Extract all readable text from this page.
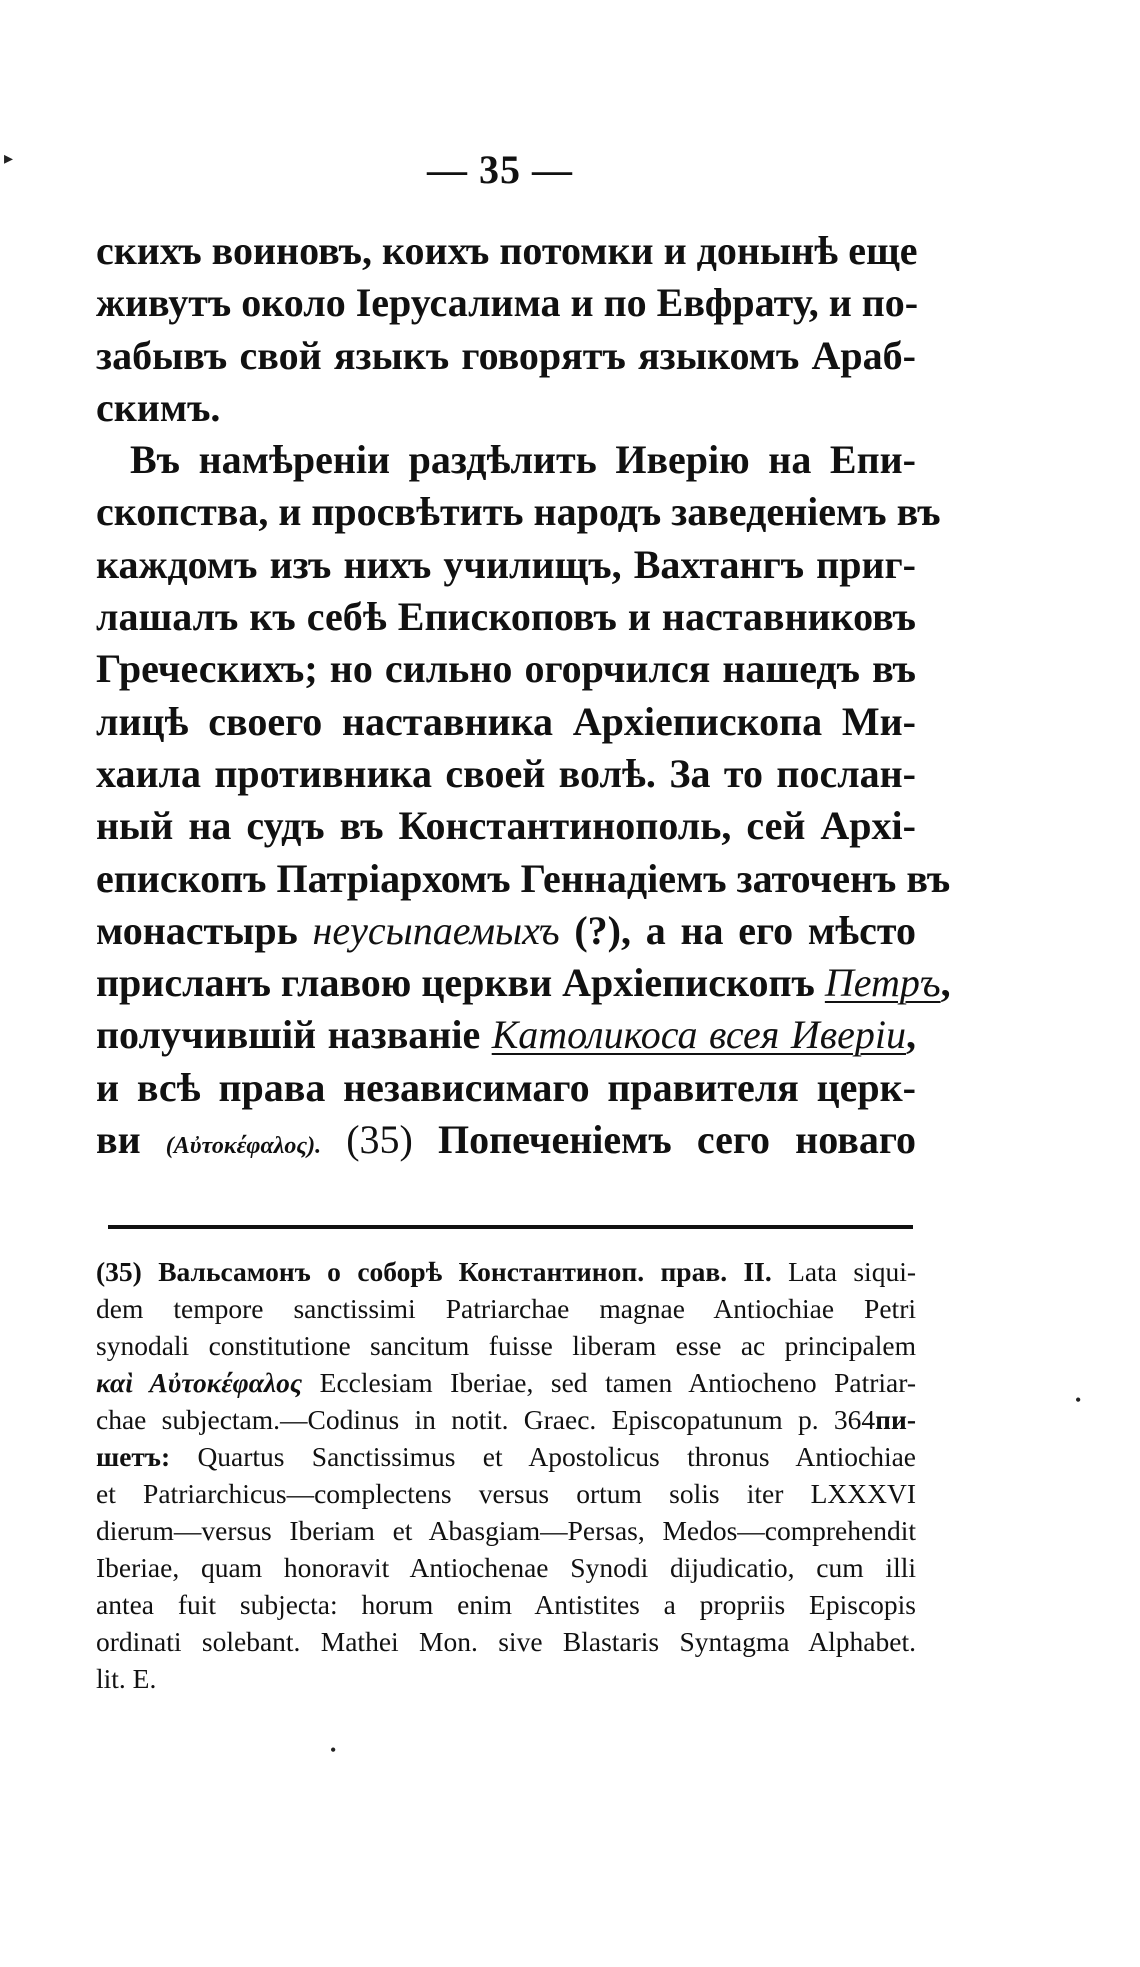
— 35 —
скихъ воиновъ, коихъ потомки и донынѣ еще
живутъ около Іерусалима и по Евфрату, и по-
забывъ свой языкъ говорятъ языкомъ Араб-
скимъ.
Въ намѣреніи раздѣлить Иверію на Епи-
скопства, и просвѣтить народъ заведеніемъ въ
каждомъ изъ нихъ училищъ, Вахтангъ приг-
лашалъ къ себѣ Епископовъ и наставниковъ
Греческихъ; но сильно огорчился нашедъ въ
лицѣ своего наставника Архіепископа Ми-
хаила противника своей волѣ. За то послан-
ный на судъ въ Константинополь, сей Архі-
епископъ Патріархомъ Геннадіемъ заточенъ въ
монастырь неусыпаемыхъ (?), а на его мѣсто
присланъ главою церкви Архіепископъ Петръ,
получившій названіе Католикоса всея Иверіи,
и всѣ права независимаго правителя церк-
ви (Αὐτοκέφαλος). (35) Попеченіемъ сего новаго
(35) Вальсамонъ о соборѣ Константиноп. прав. II. Lata siqui-
dem tempore sanctissimi Patriarchae magnae Antiochiae Petri
synodali constitutione sancitum fuisse liberam esse ac principalem
καὶ Αὐτοκέφαλος Ecclesiam Iberiae, sed tamen Antiocheno Patriar-
chae subjectam.—Codinus in notit. Graec. Episcopatunum p. 364пи-
шетъ: Quartus Sanctissimus et Apostolicus thronus Antiochiae
et Patriarchicus—complectens versus ortum solis iter LXXXVI
dierum—versus Iberiam et Abasgiam—Persas, Medos—comprehendit
Iberiae, quam honoravit Antiochenae Synodi dijudicatio, cum illi
antea fuit subjecta: horum enim Antistites a propriis Episcopis
ordinati solebant. Mathei Mon. sive Blastaris Syntagma Alphabet.
lit. E.
▸
•
•
